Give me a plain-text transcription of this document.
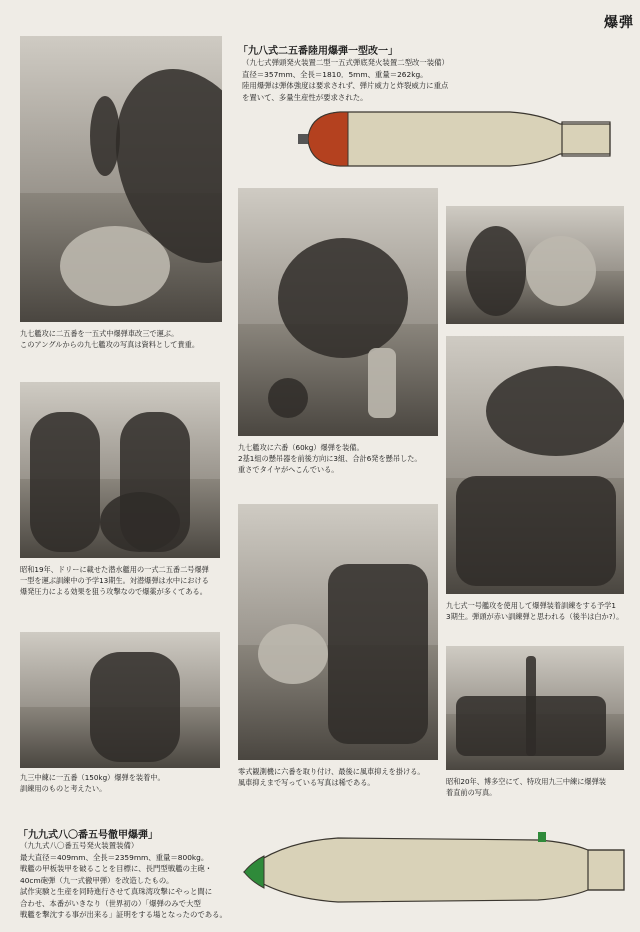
爆弾
九七艦攻に二五番を一五式中爆弾車改三で運ぶ。
このアングルからの九七艦攻の写真は資料として貴重。
「九八式二五番陸用爆弾一型改一」
（九七式弾頭発火装置二型一五式弾底発火装置二型改一装備）
直径＝357mm、全長＝1810．5mm、重量＝262kg。
陸用爆弾は弾体強度は要求されず、弾片威力と炸裂威力に重点
を置いて、多量生産性が要求された。
九七艦攻に六番（60kg）爆弾を装備。
2基1組の懸吊器を前後方向に3組、合計6発を懸吊した。
重さでタイヤがへこんでいる。
昭和19年、ドリーに載せた潜水艦用の一式二五番二号爆弾
一型を運ぶ訓練中の予学13期生。対潜爆弾は水中における
爆発圧力による効果を狙う攻撃なので爆薬が多くてある。
九七式一号艦攻を使用して爆弾装着訓練をする予学1
3期生。弾頭が赤い訓練弾と思われる（後半は白か?）。
零式観測機に六番を取り付け、最後に風車抑えを掛ける。
風車抑えまで写っている写真は稀である。
九三中練に一五番（150kg）爆弾を装着中。
訓練用のものと考えたい。
昭和20年、博多空にて、特攻用九三中練に爆弾装
着直前の写真。
「九九式八〇番五号徹甲爆弾」
（九九式八〇番五号発火装置装備）
最大直径＝409mm、全長＝2359mm、重量＝800kg。
戦艦の甲板装甲を破ることを目標に、長門型戦艦の主砲・
40cm砲弾（九一式徹甲弾）を改造したもの。
試作実験と生産を同時進行させて真珠湾攻撃にやっと間に
合わせ、本番がいきなり（世界初の）「爆弾のみで大型
戦艦を撃沈する事が出来る」証明をする場となったのである。
